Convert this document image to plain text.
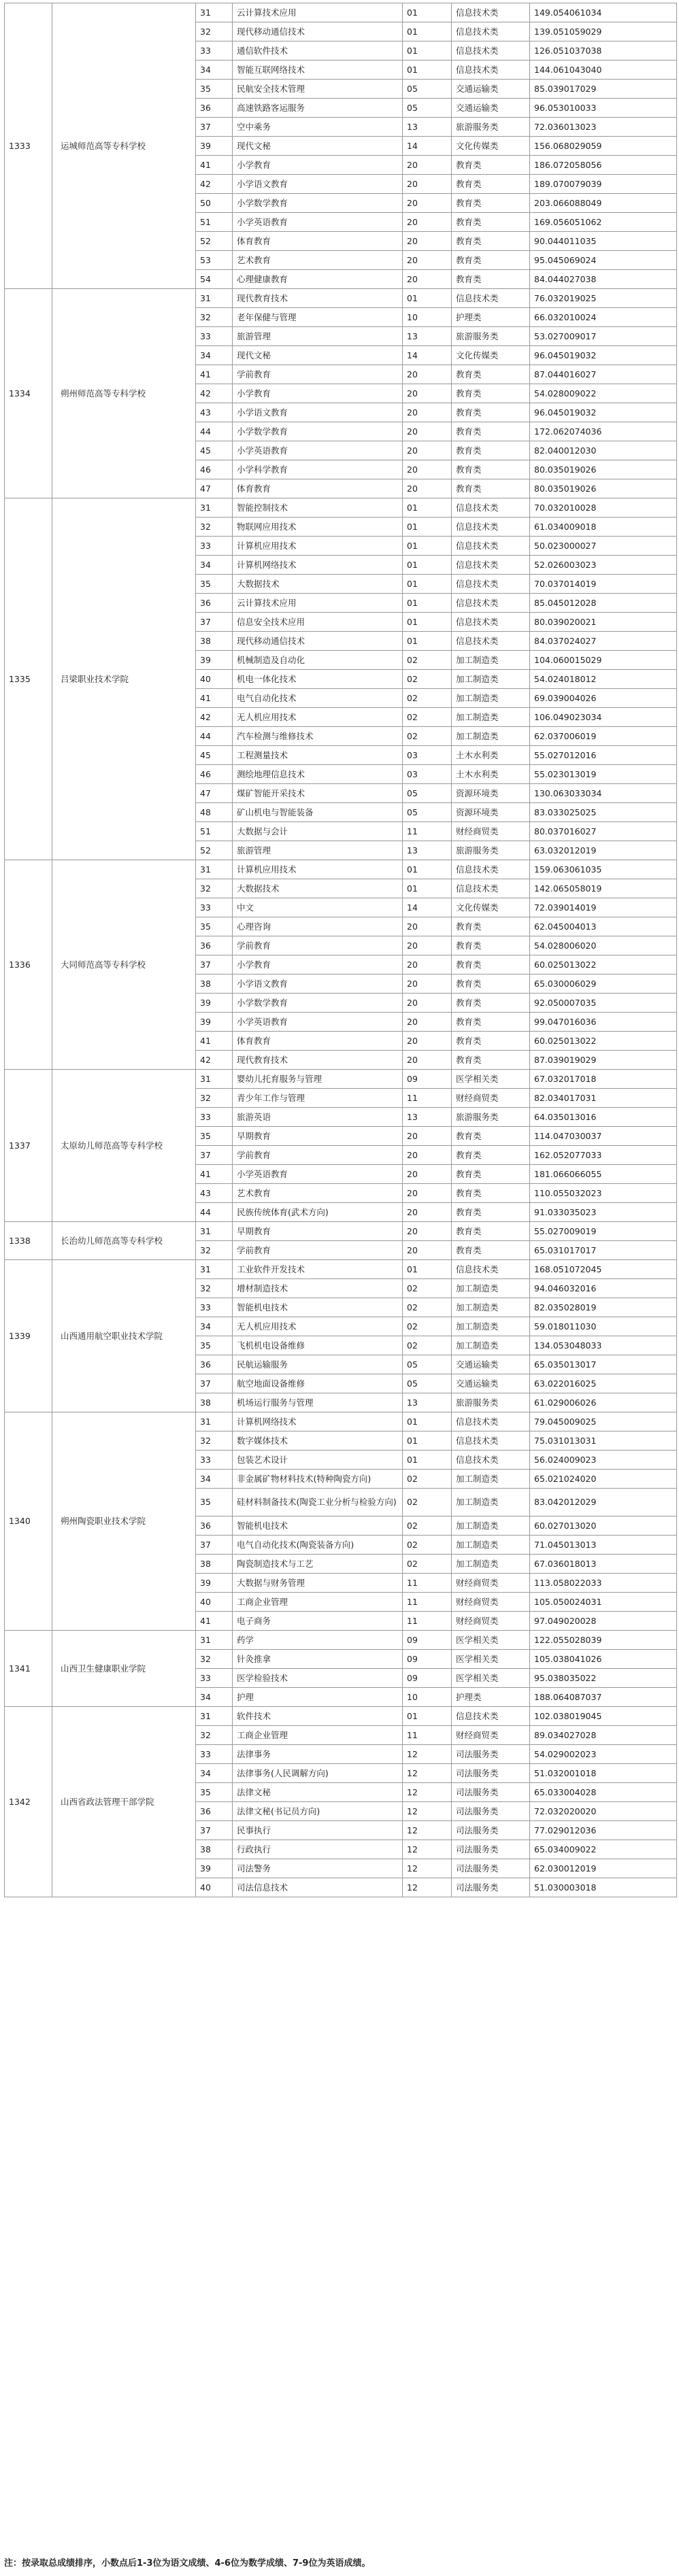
1333	运城师范高等专科学校	31	云计算技术应用	01	信息技术类	149.054061034
		32	现代移动通信技术	01	信息技术类	139.051059029
		33	通信软件技术	01	信息技术类	126.051037038
		34	智能互联网络技术	01	信息技术类	144.061043040
		35	民航安全技术管理	05	交通运输类	85.039017029
		36	高速铁路客运服务	05	交通运输类	96.053010033
		37	空中乘务	13	旅游服务类	72.036013023
		39	现代文秘	14	文化传媒类	156.068029059
		41	小学教育	20	教育类	186.072058056
		42	小学语文教育	20	教育类	189.070079039
		50	小学数学教育	20	教育类	203.066088049
		51	小学英语教育	20	教育类	169.056051062
		52	体育教育	20	教育类	90.044011035
		53	艺术教育	20	教育类	95.045069024
		54	心理健康教育	20	教育类	84.044027038
1334	朔州师范高等专科学校	31	现代教育技术	01	信息技术类	76.032019025
		32	老年保健与管理	10	护理类	66.032010024
		33	旅游管理	13	旅游服务类	53.027009017
		34	现代文秘	14	文化传媒类	96.045019032
		41	学前教育	20	教育类	87.044016027
		42	小学教育	20	教育类	54.028009022
		43	小学语文教育	20	教育类	96.045019032
		44	小学数学教育	20	教育类	172.062074036
		45	小学英语教育	20	教育类	82.040012030
		46	小学科学教育	20	教育类	80.035019026
		47	体育教育	20	教育类	80.035019026
1335	吕梁职业技术学院	31	智能控制技术	01	信息技术类	70.032010028
		32	物联网应用技术	01	信息技术类	61.034009018
		33	计算机应用技术	01	信息技术类	50.023000027
		34	计算机网络技术	01	信息技术类	52.026003023
		35	大数据技术	01	信息技术类	70.037014019
		36	云计算技术应用	01	信息技术类	85.045012028
		37	信息安全技术应用	01	信息技术类	80.039020021
		38	现代移动通信技术	01	信息技术类	84.037024027
		39	机械制造及自动化	02	加工制造类	104.060015029
		40	机电一体化技术	02	加工制造类	54.024018012
		41	电气自动化技术	02	加工制造类	69.039004026
		42	无人机应用技术	02	加工制造类	106.049023034
		44	汽车检测与维修技术	02	加工制造类	62.037006019
		45	工程测量技术	03	土木水利类	55.027012016
		46	测绘地理信息技术	03	土木水利类	55.023013019
		47	煤矿智能开采技术	05	资源环境类	130.063033034
		48	矿山机电与智能装备	05	资源环境类	83.033025025
		51	大数据与会计	11	财经商贸类	80.037016027
		52	旅游管理	13	旅游服务类	63.032012019
1336	大同师范高等专科学校	31	计算机应用技术	01	信息技术类	159.063061035
		32	大数据技术	01	信息技术类	142.065058019
		33	中文	14	文化传媒类	72.039014019
		35	心理咨询	20	教育类	62.045004013
		36	学前教育	20	教育类	54.028006020
		37	小学教育	20	教育类	60.025013022
		38	小学语文教育	20	教育类	65.030006029
		39	小学数学教育	20	教育类	92.050007035
		39	小学英语教育	20	教育类	99.047016036
		41	体育教育	20	教育类	60.025013022
		42	现代教育技术	20	教育类	87.039019029
1337	太原幼儿师范高等专科学校	31	婴幼儿托育服务与管理	09	医学相关类	67.032017018
		32	青少年工作与管理	11	财经商贸类	82.034017031
		33	旅游英语	13	旅游服务类	64.035013016
		35	早期教育	20	教育类	114.047030037
		37	学前教育	20	教育类	162.052077033
		41	小学英语教育	20	教育类	181.066066055
		43	艺术教育	20	教育类	110.055032023
		44	民族传统体育(武术方向)	20	教育类	91.033035023
1338	长治幼儿师范高等专科学校	31	早期教育	20	教育类	55.027009019
		32	学前教育	20	教育类	65.031017017
1339	山西通用航空职业技术学院	31	工业软件开发技术	01	信息技术类	168.051072045
		32	增材制造技术	02	加工制造类	94.046032016
		33	智能机电技术	02	加工制造类	82.035028019
		34	无人机应用技术	02	加工制造类	59.018011030
		35	飞机机电设备维修	02	加工制造类	134.053048033
		36	民航运输服务	05	交通运输类	65.035013017
		37	航空地面设备维修	05	交通运输类	63.022016025
		38	机场运行服务与管理	13	旅游服务类	61.029006026
1340	朔州陶瓷职业技术学院	31	计算机网络技术	01	信息技术类	79.045009025
		32	数字媒体技术	01	信息技术类	75.031013031
		33	包装艺术设计	01	信息技术类	56.024009023
		34	非金属矿物材料技术(特种陶瓷方向)	02	加工制造类	65.021024020
		35	硅材料制备技术(陶瓷工业分析与检验方向)	02	加工制造类	83.042012029
		36	智能机电技术	02	加工制造类	60.027013020
		37	电气自动化技术(陶瓷装备方向)	02	加工制造类	71.045013013
		38	陶瓷制造技术与工艺	02	加工制造类	67.036018013
		39	大数据与财务管理	11	财经商贸类	113.058022033
		40	工商企业管理	11	财经商贸类	105.050024031
		41	电子商务	11	财经商贸类	97.049020028
1341	山西卫生健康职业学院	31	药学	09	医学相关类	122.055028039
		32	针灸推拿	09	医学相关类	105.038041026
		33	医学检验技术	09	医学相关类	95.038035022
		34	护理	10	护理类	188.064087037
1342	山西省政法管理干部学院	31	软件技术	01	信息技术类	102.038019045
		32	工商企业管理	11	财经商贸类	89.034027028
		33	法律事务	12	司法服务类	54.029002023
		34	法律事务(人民调解方向)	12	司法服务类	51.032001018
		35	法律文秘	12	司法服务类	65.033004028
		36	法律文秘(书记员方向)	12	司法服务类	72.032020020
		37	民事执行	12	司法服务类	77.029012036
		38	行政执行	12	司法服务类	65.034009022
		39	司法警务	12	司法服务类	62.030012019
		40	司法信息技术	12	司法服务类	51.030003018
注：按录取总成绩排序，小数点后1-3位为语文成绩、4-6位为数学成绩、7-9位为英语成绩。
